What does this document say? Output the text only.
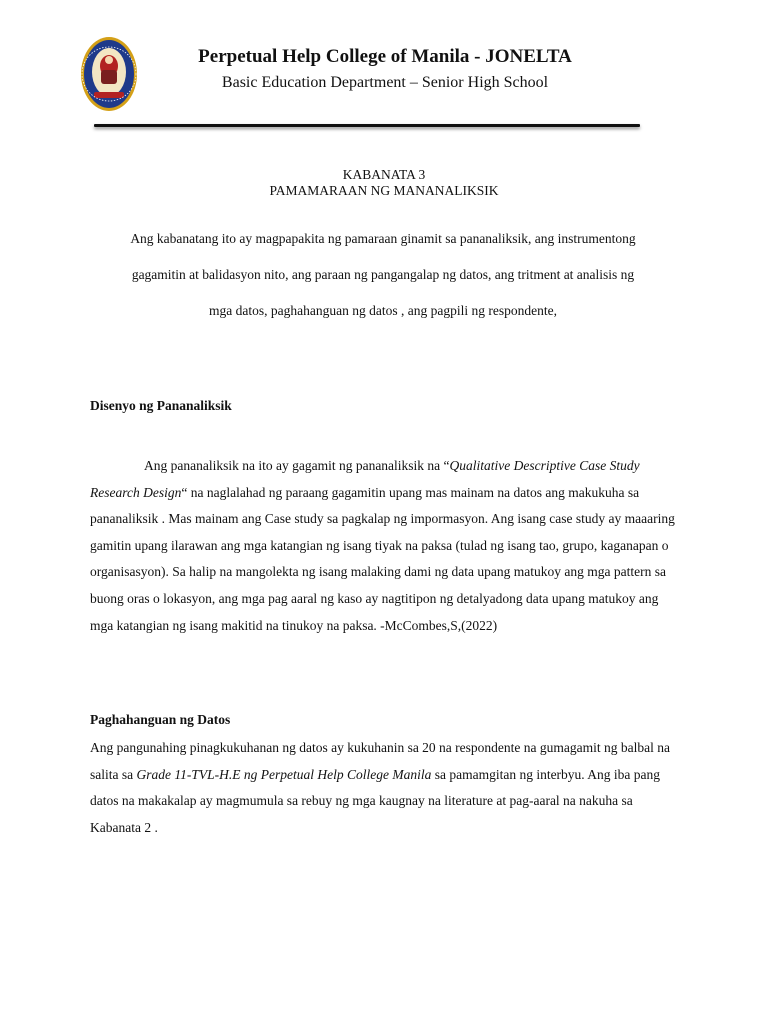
Perpetual Help College of Manila - JONELTA
Basic Education Department – Senior High School
KABANATA 3
PAMAMARAAN NG MANANALIKSIK
Ang kabanatang ito ay magpapakita ng pamaraan ginamit sa pananaliksik, ang instrumentong
gagamitin at balidasyon nito, ang paraan ng pangangalap ng datos, ang tritment at analisis ng
mga datos, paghahanguan ng datos , ang pagpili ng respondente,
Disenyo ng Pananaliksik
Ang pananaliksik na ito ay gagamit ng pananaliksik na “Qualitative Descriptive Case Study Research Design“ na naglalahad ng paraang gagamitin upang mas mainam na datos ang makukuha sa pananaliksik . Mas mainam ang Case study sa pagkalap ng impormasyon. Ang isang case study ay maaaring gamitin upang ilarawan ang mga katangian ng isang tiyak na paksa (tulad ng isang tao, grupo, kaganapan o organisasyon). Sa halip na mangolekta ng isang malaking dami ng data upang matukoy ang mga pattern sa buong oras o lokasyon, ang mga pag aaral ng kaso ay nagtitipon ng detalyadong data upang matukoy ang mga katangian ng isang makitid na tinukoy na paksa. -McCombes,S,(2022)
Paghahanguan ng Datos
Ang pangunahing pinagkukuhanan ng datos ay kukuhanin sa 20 na respondente na gumagamit ng balbal na salita sa Grade 11-TVL-H.E ng Perpetual Help College Manila sa pamamgitan ng interbyu. Ang iba pang datos na makakalap ay magmumula sa rebuy ng mga kaugnay na literature at pag-aaral na nakuha sa Kabanata 2 .
